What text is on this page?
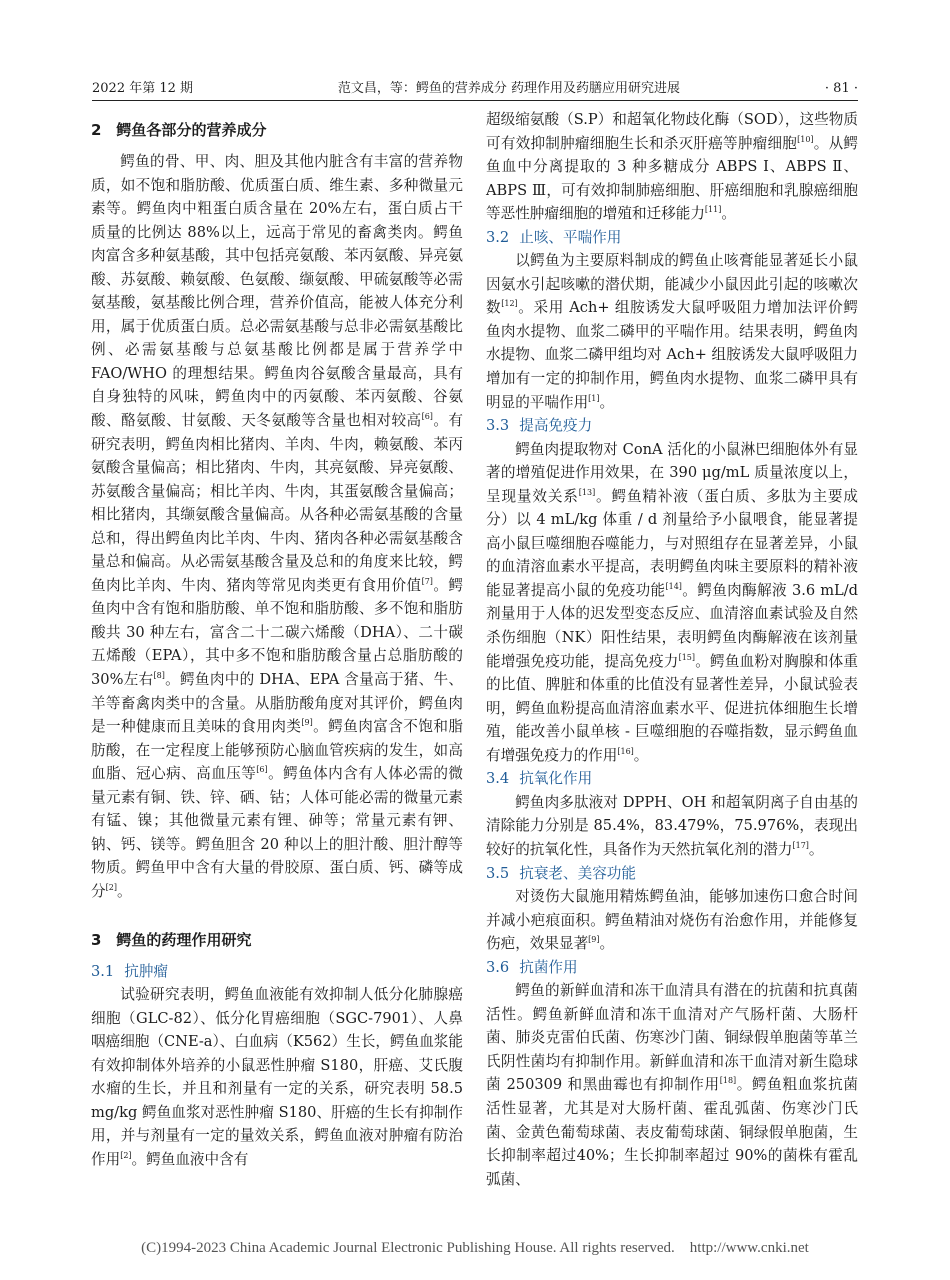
2022 年第 12 期	范文昌，等：鳄鱼的营养成分 药理作用及药膳应用研究进展	· 81 ·
2　鳄鱼各部分的营养成分

鳄鱼的骨、甲、肉、胆及其他内脏含有丰富的营养物质，如不饱和脂肪酸、优质蛋白质、维生素、多种微量元素等。鳄鱼肉中粗蛋白质含量在 20%左右，蛋白质占干质量的比例达 88%以上，远高于常见的畜禽类肉。鳄鱼肉富含多种氨基酸，其中包括亮氨酸、苯丙氨酸、异亮氨酸、苏氨酸、赖氨酸、色氨酸、缬氨酸、甲硫氨酸等必需氨基酸，氨基酸比例合理，营养价值高，能被人体充分利用，属于优质蛋白质。总必需氨基酸与总非必需氨基酸比例、必需氨基酸与总氨基酸比例都是属于营养学中 FAO/WHO 的理想结果。鳄鱼肉谷氨酸含量最高，具有自身独特的风味，鳄鱼肉中的丙氨酸、苯丙氨酸、谷氨酸、酪氨酸、甘氨酸、天冬氨酸等含量也相对较高[6]。有研究表明，鳄鱼肉相比猪肉、羊肉、牛肉，赖氨酸、苯丙氨酸含量偏高；相比猪肉、牛肉，其亮氨酸、异亮氨酸、苏氨酸含量偏高；相比羊肉、牛肉，其蛋氨酸含量偏高；相比猪肉，其缬氨酸含量偏高。从各种必需氨基酸的含量总和，得出鳄鱼肉比羊肉、牛肉、猪肉各种必需氨基酸含量总和偏高。从必需氨基酸含量及总和的角度来比较，鳄鱼肉比羊肉、牛肉、猪肉等常见肉类更有食用价值[7]。鳄鱼肉中含有饱和脂肪酸、单不饱和脂肪酸、多不饱和脂肪酸共 30 种左右，富含二十二碳六烯酸（DHA）、二十碳五烯酸（EPA），其中多不饱和脂肪酸含量占总脂肪酸的 30%左右[8]。鳄鱼肉中的 DHA、EPA 含量高于猪、牛、羊等畜禽肉类中的含量。从脂肪酸角度对其评价，鳄鱼肉是一种健康而且美味的食用肉类[9]。鳄鱼肉富含不饱和脂肪酸，在一定程度上能够预防心脑血管疾病的发生，如高血脂、冠心病、高血压等[6]。鳄鱼体内含有人体必需的微量元素有铜、铁、锌、硒、钴；人体可能必需的微量元素有锰、镍；其他微量元素有锂、砷等；常量元素有钾、钠、钙、镁等。鳄鱼胆含 20 种以上的胆汁酸、胆汁醇等物质。鳄鱼甲中含有大量的骨胶原、蛋白质、钙、磷等成分[2]。

3　鳄鱼的药理作用研究
3.1 抗肿瘤

试验研究表明，鳄鱼血液能有效抑制人低分化肺腺癌细胞（GLC-82）、低分化胃癌细胞（SGC-7901）、人鼻咽癌细胞（CNE-a）、白血病（K562）生长，鳄鱼血浆能有效抑制体外培养的小鼠恶性肿瘤 S180，肝癌、艾氏腹水瘤的生长，并且和剂量有一定的关系，研究表明 58.5 mg/kg 鳄鱼血浆对恶性肿瘤 S180、肝癌的生长有抑制作用，并与剂量有一定的量效关系，鳄鱼血液对肿瘤有防治作用[2]。鳄鱼血液中含有

超级缩氨酸（S.P）和超氧化物歧化酶（SOD），这些物质可有效抑制肿瘤细胞生长和杀灭肝癌等肿瘤细胞[10]。从鳄鱼血中分离提取的 3 种多糖成分 ABPS Ⅰ、ABPS Ⅱ、ABPS Ⅲ，可有效抑制肺癌细胞、肝癌细胞和乳腺癌细胞等恶性肿瘤细胞的增殖和迁移能力[11]。

3.2 止咳、平喘作用

以鳄鱼为主要原料制成的鳄鱼止咳膏能显著延长小鼠因氨水引起咳嗽的潜伏期，能减少小鼠因此引起的咳嗽次数[12]。采用 Ach+ 组胺诱发大鼠呼吸阻力增加法评价鳄鱼肉水提物、血浆二磷甲的平喘作用。结果表明，鳄鱼肉水提物、血浆二磷甲组均对 Ach+ 组胺诱发大鼠呼吸阻力增加有一定的抑制作用，鳄鱼肉水提物、血浆二磷甲具有明显的平喘作用[1]。

3.3 提高免疫力

鳄鱼肉提取物对 ConA 活化的小鼠淋巴细胞体外有显著的增殖促进作用效果，在 390 μg/mL 质量浓度以上，呈现量效关系[13]。鳄鱼精补液（蛋白质、多肽为主要成分）以 4 mL/kg 体重 / d 剂量给予小鼠喂食，能显著提高小鼠巨噬细胞吞噬能力，与对照组存在显著差异，小鼠的血清溶血素水平提高，表明鳄鱼肉味主要原料的精补液能显著提高小鼠的免疫功能[14]。鳄鱼肉酶解液 3.6 mL/d 剂量用于人体的迟发型变态反应、血清溶血素试验及自然杀伤细胞（NK）阳性结果，表明鳄鱼肉酶解液在该剂量能增强免疫功能，提高免疫力[15]。鳄鱼血粉对胸腺和体重的比值、脾脏和体重的比值没有显著性差异，小鼠试验表明，鳄鱼血粉提高血清溶血素水平、促进抗体细胞生长增殖，能改善小鼠单核 - 巨噬细胞的吞噬指数，显示鳄鱼血有增强免疫力的作用[16]。

3.4 抗氧化作用

鳄鱼肉多肽液对 DPPH、OH 和超氧阴离子自由基的清除能力分别是 85.4%，83.479%，75.976%，表现出较好的抗氧化性，具备作为天然抗氧化剂的潜力[17]。

3.5 抗衰老、美容功能

对烫伤大鼠施用精炼鳄鱼油，能够加速伤口愈合时间并减小疤痕面积。鳄鱼精油对烧伤有治愈作用，并能修复伤疤，效果显著[9]。

3.6 抗菌作用

鳄鱼的新鲜血清和冻干血清具有潜在的抗菌和抗真菌活性。鳄鱼新鲜血清和冻干血清对产气肠杆菌、大肠杆菌、肺炎克雷伯氏菌、伤寒沙门菌、铜绿假单胞菌等革兰氏阴性菌均有抑制作用。新鲜血清和冻干血清对新生隐球菌 250309 和黑曲霉也有抑制作用[18]。鳄鱼粗血浆抗菌活性显著，尤其是对大肠杆菌、霍乱弧菌、伤寒沙门氏菌、金黄色葡萄球菌、表皮葡萄球菌、铜绿假单胞菌，生长抑制率超过40%；生长抑制率超过 90%的菌株有霍乱弧菌、

(C)1994-2023 China Academic Journal Electronic Publishing House. All rights reserved.　http://www.cnki.net
